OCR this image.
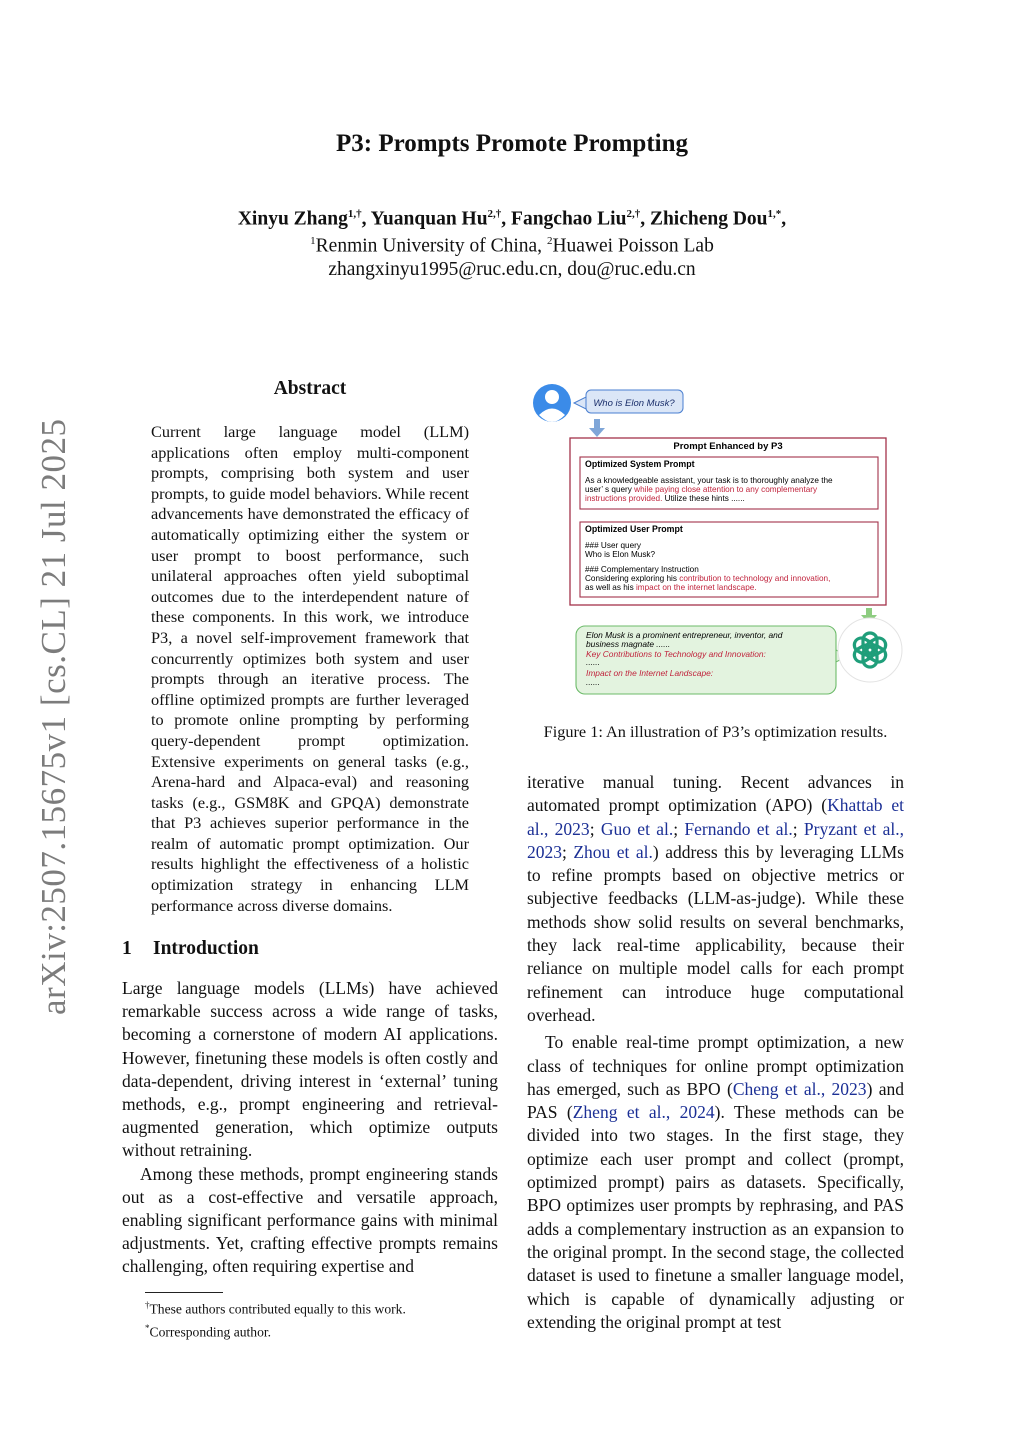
P3: Prompts Promote Prompting
Xinyu Zhang$^{1,\dagger}$, Yuanquan $Hu^{2,\dagger}$, Fangchao Liu$^{2,\dagger}$, Zhicheng Dou$^{1,*}$,
$^1$Renmin University of China, $^2$Huawei Poisson Lab
zhangxinyu1995@ruc.edu.cn, dou@ruc.edu.cn
arXiv:2507.15675v1 [cs.CL] 21 Jul 2025
Abstract
Current large language model (LLM) applications often employ multi-component prompts, comprising both system and user prompts, to guide model behaviors. While recent advancements have demonstrated the efficacy of automatically optimizing either the system or user prompt to boost performance, such unilateral approaches often yield suboptimal outcomes due to the interdependent nature of these components. In this work, we introduce P3, a novel self-improvement framework that concurrently optimizes both system and user prompts through an iterative process. The offline optimized prompts are further leveraged to promote online prompting by performing query-dependent prompt optimization. Extensive experiments on general tasks (e.g., Arena-hard and Alpaca-eval) and reasoning tasks (e.g., GSM8K and GPQA) demonstrate that P3 achieves superior performance in the realm of automatic prompt optimization. Our results highlight the effectiveness of a holistic optimization strategy in enhancing LLM performance across diverse domains.
1 Introduction

Large language models (LLMs) have achieved remarkable success across a wide range of tasks, becoming a cornerstone of modern AI applications. However, finetuning these models is often costly and data-dependent, driving interest in ‘external’ tuning methods, e.g., prompt engineering and retrieval-augmented generation, which optimize outputs without retraining.

Among these methods, prompt engineering stands out as a cost-effective and versatile approach, enabling significant performance gains with minimal adjustments. Yet, crafting effective prompts remains challenging, often requiring expertise and

†These authors contributed equally to this work.
*Corresponding author.

iterative manual tuning. Recent advances in automated prompt optimization (APO) (Khattab et al., 2023; Guo et al.; Fernando et al.; Pryzant et al., 2023; Zhou et al.) address this by leveraging LLMs to refine prompts based on objective metrics or subjective feedbacks (LLM-as-judge). While these methods show solid results on several benchmarks, they lack real-time applicability, because their reliance on multiple model calls for each prompt refinement can introduce huge computational overhead.

To enable real-time prompt optimization, a new class of techniques for online prompt optimization has emerged, such as BPO (Cheng et al., 2023) and PAS (Zheng et al., 2024). These methods can be divided into two stages. In the first stage, they optimize each user prompt and collect (prompt, optimized prompt) pairs as datasets. Specifically, BPO optimizes user prompts by rephrasing, and PAS adds a complementary instruction as an expansion to the original prompt. In the second stage, the collected dataset is used to finetune a smaller language model, which is capable of dynamically adjusting or extending the original prompt at test

Who is Elon Musk?
Prompt Enhanced by P3
Optimized System Prompt
As a knowledgeable assistant, your task is to thoroughly analyze the
user’ s query while paying close attention to any complementary
instructions provided. Utilize these hints ......
Optimized User Prompt
### User query
Who is Elon Musk?
### Complementary Instruction
Considering exploring his contribution to technology and innovation,
as well as his impact on the internet landscape.
Elon Musk is a prominent entrepreneur, inventor, and
business magnate ......
Key Contributions to Technology and Innovation:
......
Impact on the Internet Landscape:
......
Figure 1: An illustration of P3’s optimization results.
